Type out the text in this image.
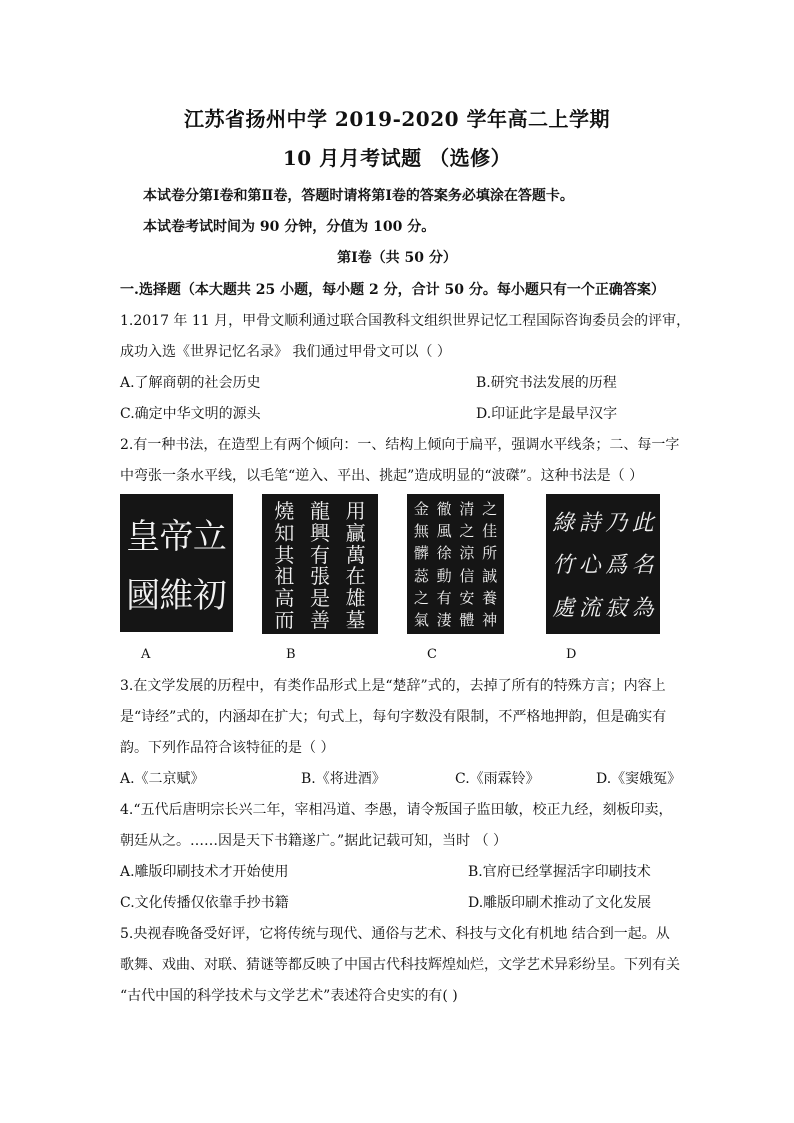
江苏省扬州中学 2019-2020 学年高二上学期
10 月月考试题 （选修）
本试卷分第Ⅰ卷和第Ⅱ卷，答题时请将第Ⅰ卷的答案务必填涂在答题卡。
本试卷考试时间为 90 分钟，分值为 100 分。
第Ⅰ卷（共 50 分）
一.选择题（本大题共 25 小题，每小题 2 分，合计 50 分。每小题只有一个正确答案）
1.2017 年 11 月，甲骨文顺利通过联合国教科文组织世界记忆工程国际咨询委员会的评审，
成功入选《世界记忆名录》 我们通过甲骨文可以（ ）
A.了解商朝的社会历史	B.研究书法发展的历程
C.确定中华文明的源头	D.印证此字是最早汉字
2.有一种书法，在造型上有两个倾向：一、结构上倾向于扁平，强调水平线条；二、每一字
中弯张一条水平线，以毛笔“逆入、平出、挑起”造成明显的“波磔”。这种书法是（ ）
皇 帝 立
國 維 初
A
燒 龍 用
知 興 贏
其 有 萬
祖 張 在
高 是 雄
而 善 墓
B
金 徹 清 之
無 風 之 佳
髒 徐 涼 所
蕊 動 信 誠
之 有 安 養
氣 淒 體 神
C
綠 詩 乃 此
竹 心 爲 名
處 流 寂 為
D
3.在文学发展的历程中，有类作品形式上是“楚辞”式的，去掉了所有的特殊方言；内容上
是“诗经”式的，内涵却在扩大；句式上，每句字数没有限制，不严格地押韵，但是确实有
韵。下列作品符合该特征的是（ ）
A.《二京赋》	B.《将进酒》	C.《雨霖铃》	D.《窦娥冤》
4.“五代后唐明宗长兴二年，宰相冯道、李愚，请令叛国子监田敏，校正九经，刻板印卖，
朝廷从之。……因是天下书籍遂广。”据此记载可知，当时 （ ）
A.雕版印刷技术才开始使用	B.官府已经掌握活字印刷技术
C.文化传播仅依靠手抄书籍	D.雕版印刷术推动了文化发展
5.央视春晚备受好评，它将传统与现代、通俗与艺术、科技与文化有机地 结合到一起。从
歌舞、戏曲、对联、猜谜等都反映了中国古代科技辉煌灿烂，文学艺术异彩纷呈。下列有关
“古代中国的科学技术与文学艺术”表述符合史实的有( )
